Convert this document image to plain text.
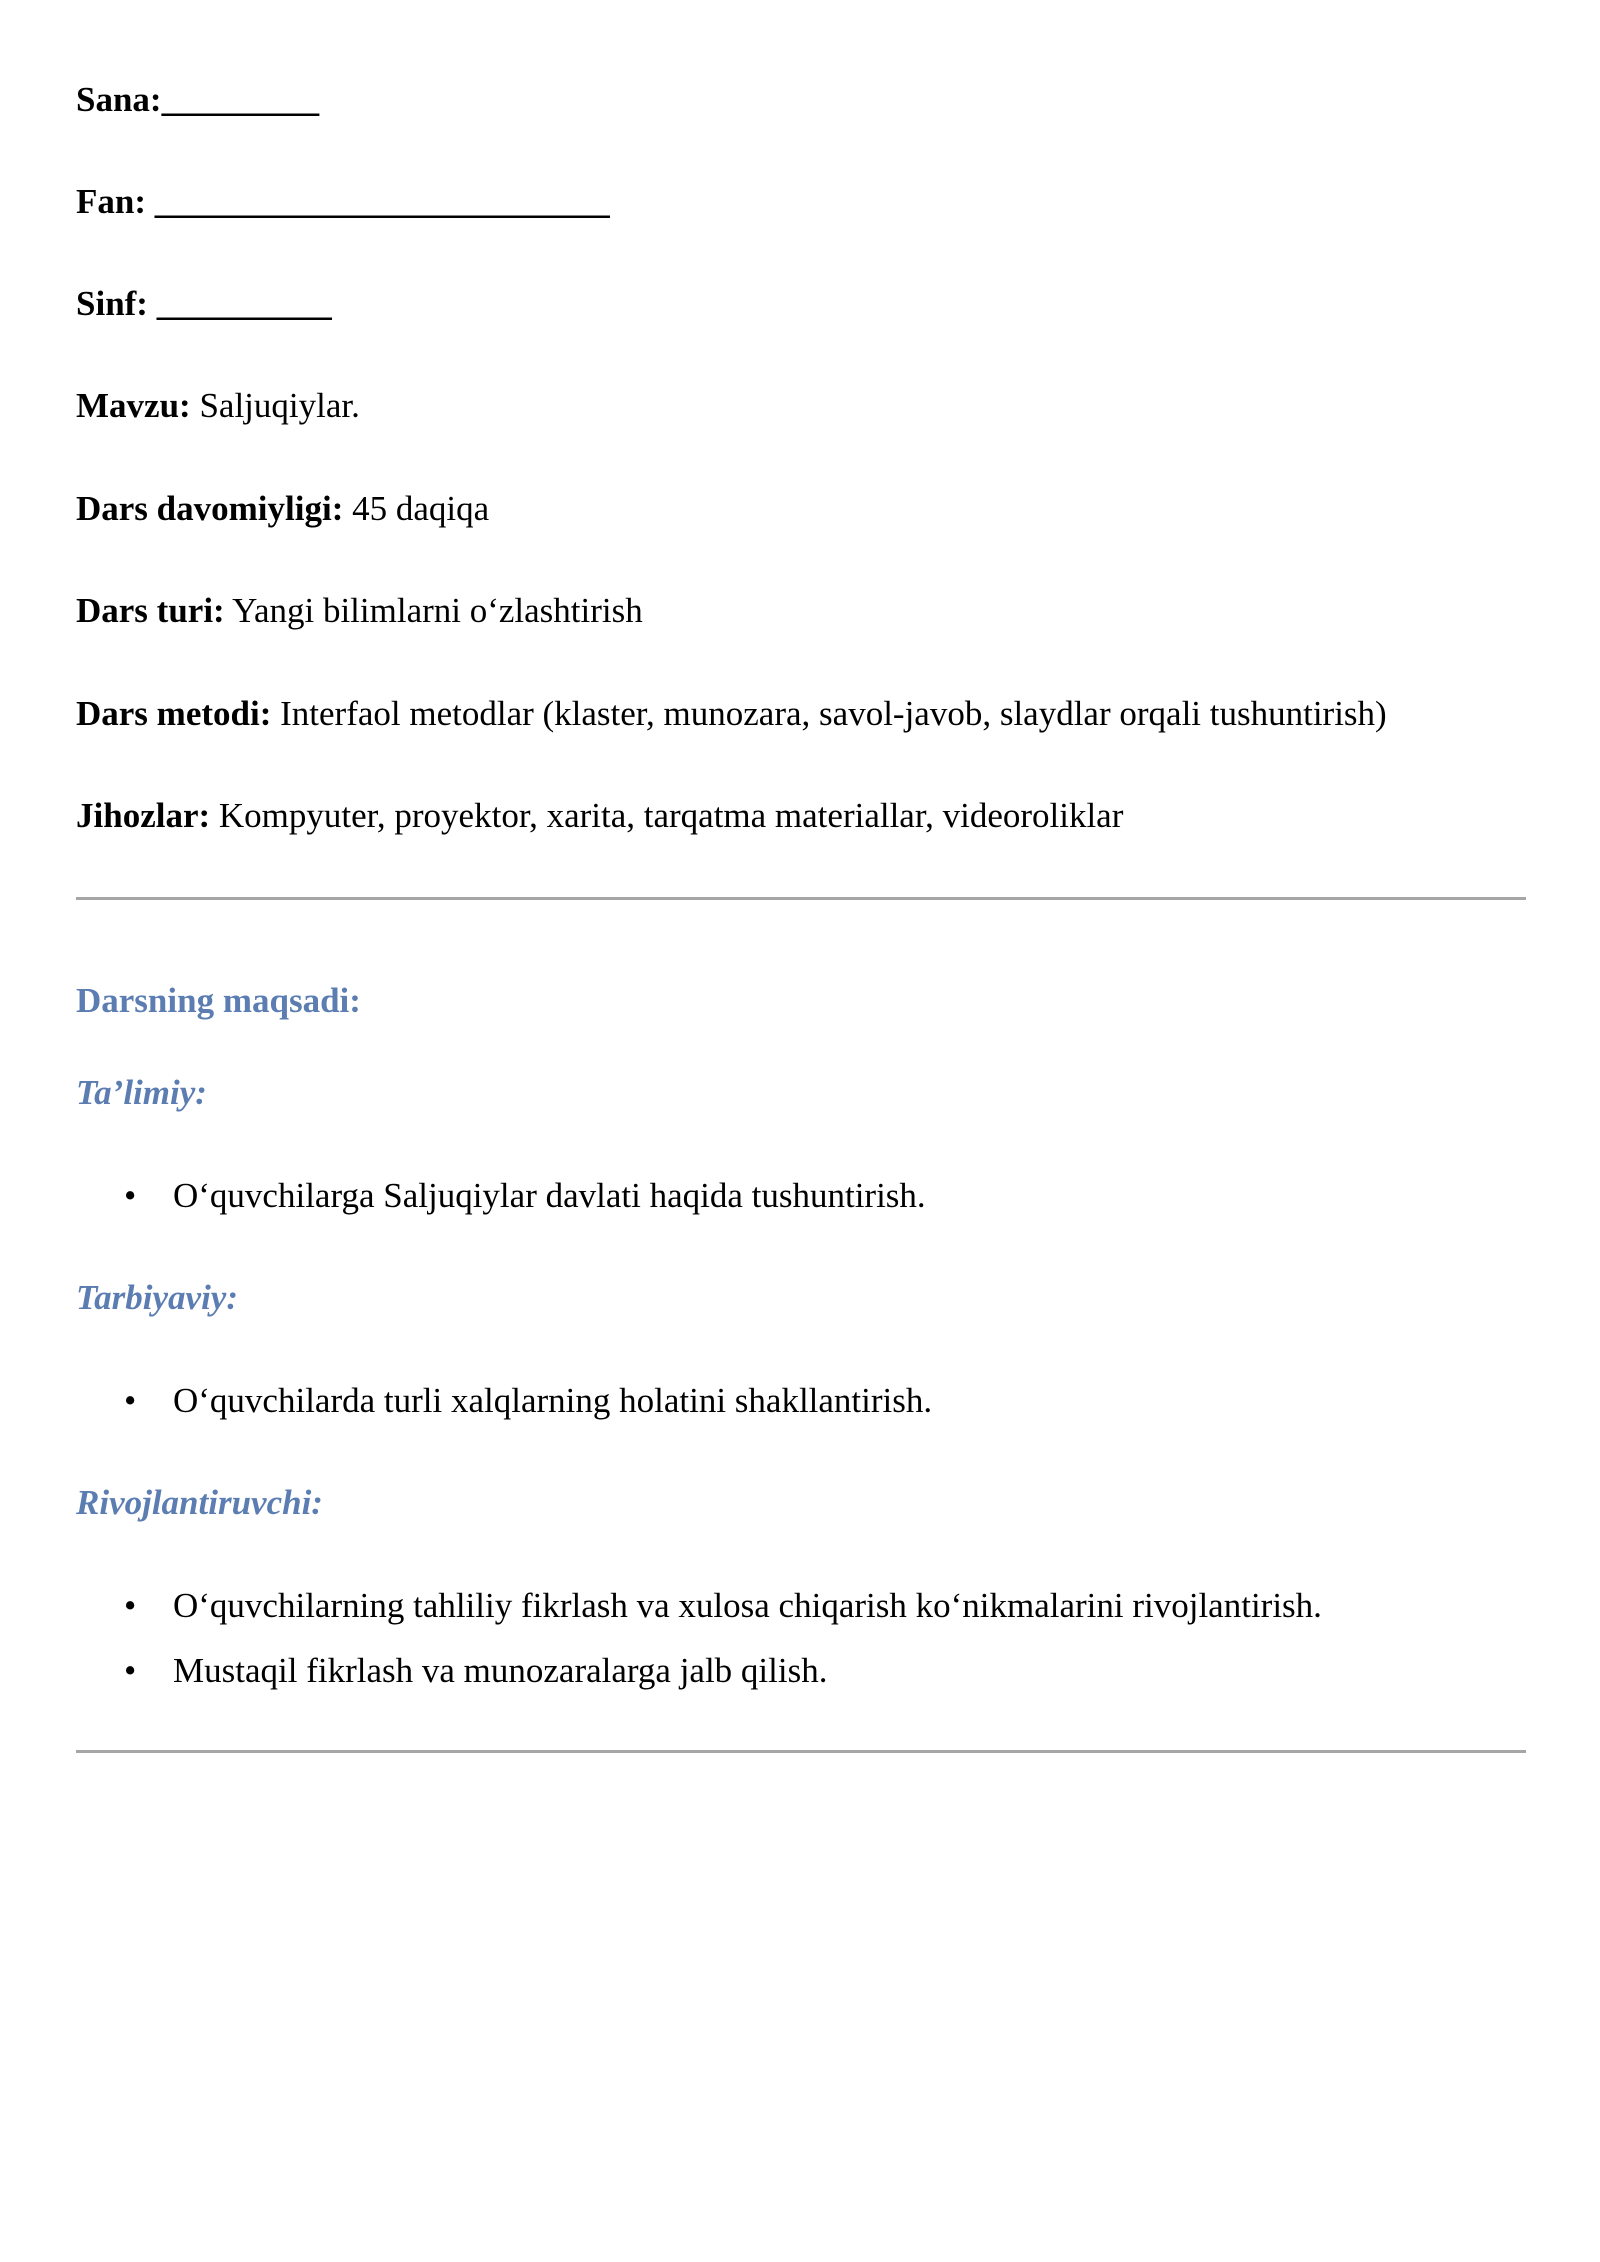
Sana:_________
Fan: __________________________
Sinf: __________
Mavzu: Saljuqiylar.
Dars davomiyligi: 45 daqiqa
Dars turi: Yangi bilimlarni o‘zlashtirish
Dars metodi: Interfaol metodlar (klaster, munozara, savol-javob, slaydlar orqali tushuntirish)
Jihozlar: Kompyuter, proyektor, xarita, tarqatma materiallar, videoroliklar
Darsning maqsadi:
Ta’limiy:
• O‘quvchilarga Saljuqiylar davlati haqida tushuntirish.
Tarbiyaviy:
• O‘quvchilarda turli xalqlarning holatini shakllantirish.
Rivojlantiruvchi:
• O‘quvchilarning tahliliy fikrlash va xulosa chiqarish ko‘nikmalarini rivojlantirish.
• Mustaqil fikrlash va munozaralarga jalb qilish.
